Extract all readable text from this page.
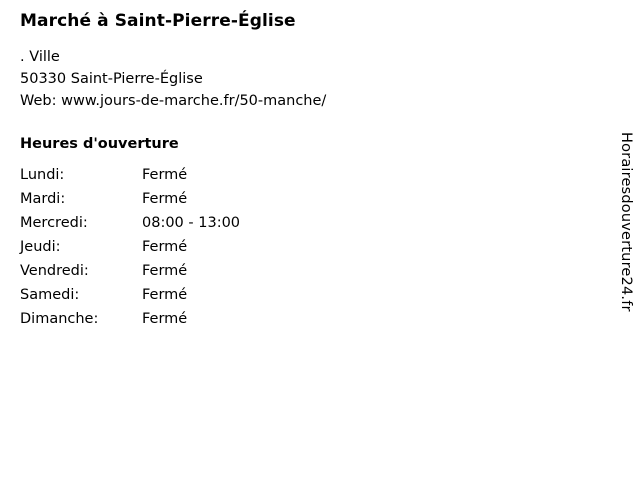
Marché à Saint-Pierre-Église

. Ville

50330 Saint-Pierre-Église

Web: www.jours-de-marche.fr/50-manche/

Heures d'ouverture
Lundi:	Fermé
Mardi:	Fermé
Mercredi:	08:00 - 13:00
Jeudi:	Fermé
Vendredi:	Fermé
Samedi:	Fermé
Dimanche:	Fermé
Horairesdouverture24.fr
